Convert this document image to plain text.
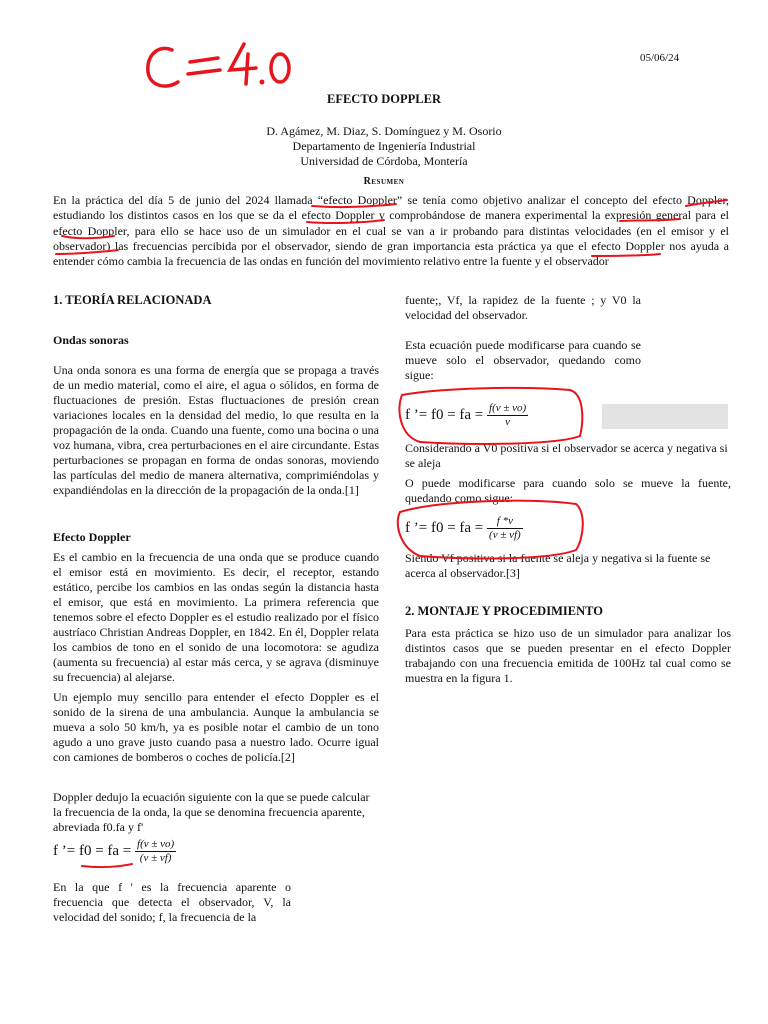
05/06/24
EFECTO DOPPLER
D. Agámez, M. Diaz, S. Domínguez y M. Osorio
Departamento de Ingeniería Industrial
Universidad de Córdoba, Montería
Resumen
En la práctica del día 5 de junio del 2024 llamada “efecto Doppler” se tenía como objetivo analizar el concepto del efecto Doppler, estudiando los distintos casos en los que se da el efecto Doppler y comprobándose de manera experimental la expresión general para el efecto Doppler, para ello se hace uso de un simulador en el cual se van a ir probando para distintas velocidades (en el emisor y el observador) las frecuencias percibida por el observador, siendo de gran importancia esta práctica ya que el efecto Doppler nos ayuda a entender cómo cambia la frecuencia de las ondas en función del movimiento relativo entre la fuente y el observador
1. TEORÍA RELACIONADA
Ondas sonoras
Una onda sonora es una forma de energía que se propaga a través de un medio material, como el aire, el agua o sólidos, en forma de fluctuaciones de presión. Estas fluctuaciones de presión crean variaciones locales en la densidad del medio, lo que resulta en la propagación de la onda. Cuando una fuente, como una bocina o una voz humana, vibra, crea perturbaciones en el aire circundante. Estas perturbaciones se propagan en forma de ondas sonoras, moviendo las partículas del medio de manera alternativa, comprimiéndolas y expandiéndolas en la dirección de la propagación de la onda.[1]
Efecto Doppler
Es el cambio en la frecuencia de una onda que se produce cuando el emisor está en movimiento. Es decir, el receptor, estando estático, percibe los cambios en las ondas según la distancia hasta el emisor, que está en movimiento. La primera referencia que tenemos sobre el efecto Doppler es el estudio realizado por el físico austríaco Christian Andreas Doppler, en 1842. En él, Doppler relata los cambios de tono en el sonido de una locomotora: se agudiza (aumenta su frecuencia) al estar más cerca, y se agrava (disminuye su frecuencia) al alejarse.
Un ejemplo muy sencillo para entender el efecto Doppler es el sonido de la sirena de una ambulancia. Aunque la ambulancia se mueva a solo 50 km/h, ya es posible notar el cambio de un tono agudo a uno grave justo cuando pasa a nuestro lado. Ocurre igual con camiones de bomberos o coches de policía.[2]
Doppler dedujo la ecuación siguiente con la que se puede calcular la frecuencia de la onda, la que se denomina frecuencia aparente, abreviada f0.fa y f'
f ’= f0 = fa = $\frac{f(v \pm vo)}{(v \pm vf)}$
En la que f ' es la frecuencia aparente o frecuencia que detecta el observador, V, la velocidad del sonido; f, la frecuencia de la
fuente;, Vf, la rapidez de la fuente ; y V0 la velocidad del observador.
Esta ecuación puede modificarse para cuando se mueve solo el observador, quedando como sigue:
f ’= f0 = fa = $\frac{f(v \pm vo)}{v}$
Considerando a V0 positiva si el observador se acerca y negativa si se aleja
O puede modificarse para cuando solo se mueve la fuente, quedando como sigue:
f ’= f0 = fa = $\frac{f *v}{(v \pm vf)}$
Siendo Vf positiva si la fuente se aleja y negativa si la fuente se acerca al observador.[3]
2. MONTAJE Y PROCEDIMIENTO
Para esta práctica se hizo uso de un simulador para analizar los distintos casos que se pueden presentar en el efecto Doppler trabajando con una frecuencia emitida de 100Hz tal cual como se muestra en la figura 1.
